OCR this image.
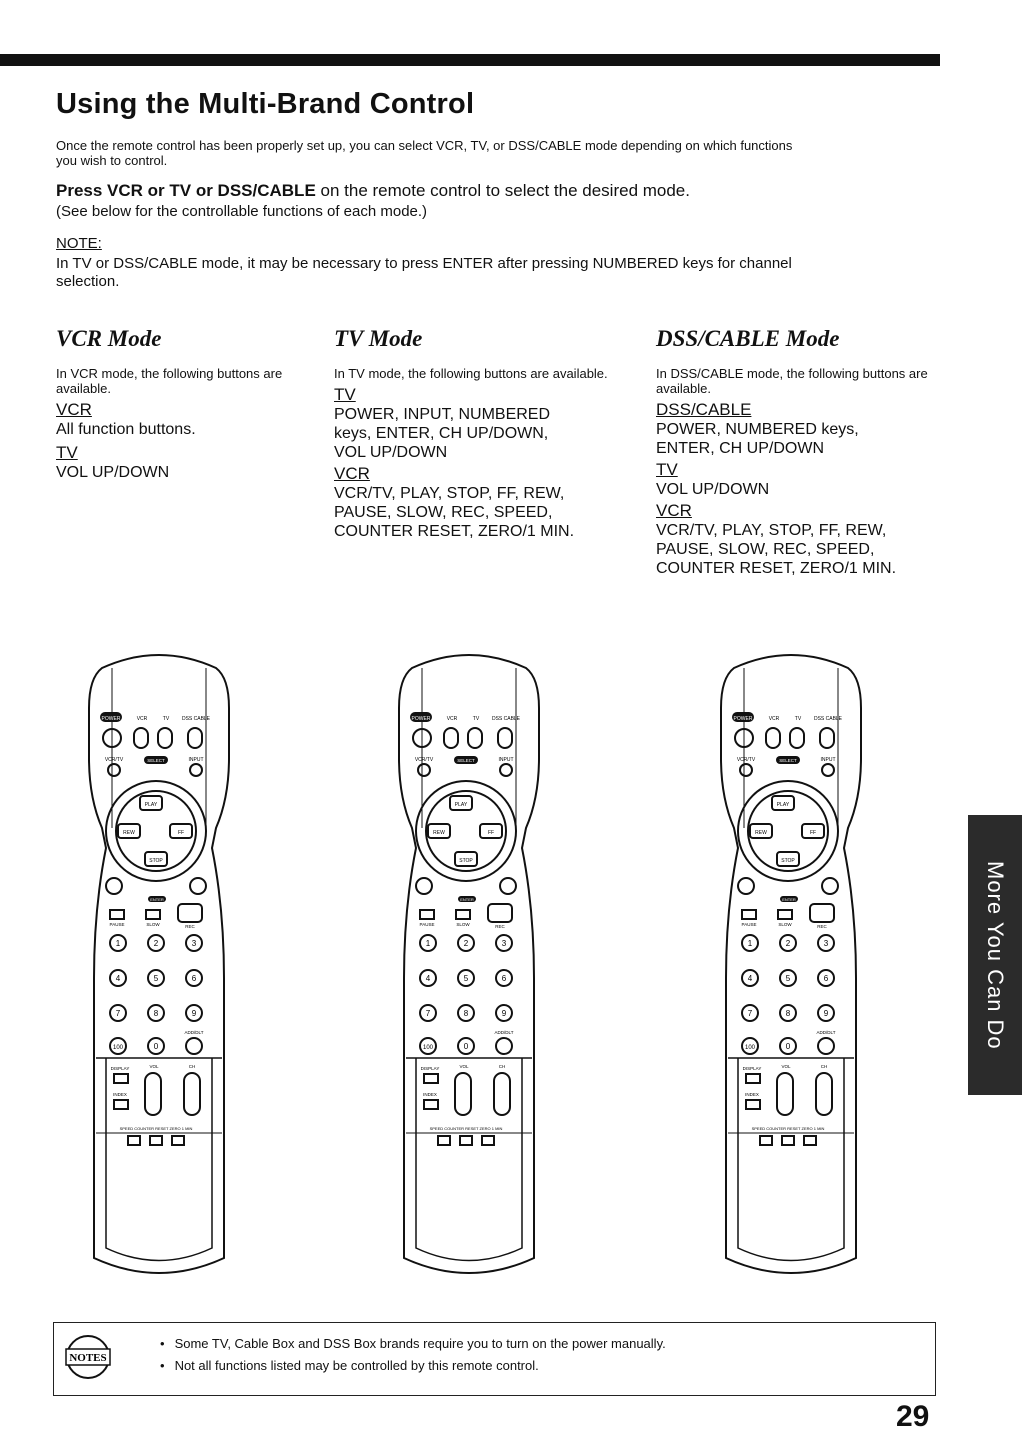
Using the Multi-Brand Control
Once the remote control has been properly set up, you can select VCR, TV, or DSS/CABLE mode depending on which functions you wish to control.
Press VCR or TV or DSS/CABLE on the remote control to select the desired mode.
(See below for the controllable functions of each mode.)
NOTE:
In TV or DSS/CABLE mode, it may be necessary to press ENTER after pressing NUMBERED keys for channel selection.
VCR Mode
In VCR mode, the following buttons are available.
VCR
All function buttons.
TV
VOL UP/DOWN
TV Mode
In TV mode, the following buttons are available.
TV
POWER, INPUT, NUMBERED keys, ENTER, CH UP/DOWN, VOL UP/DOWN
VCR
VCR/TV, PLAY, STOP, FF, REW, PAUSE, SLOW, REC, SPEED, COUNTER RESET, ZERO/1 MIN.
DSS/CABLE Mode
In DSS/CABLE mode, the following buttons are available.
DSS/CABLE
POWER, NUMBERED keys, ENTER, CH UP/DOWN
TV
VOL UP/DOWN
VCR
VCR/TV, PLAY, STOP, FF, REW, PAUSE, SLOW, REC, SPEED, COUNTER RESET, ZERO/1 MIN.
POWER	VCR	TV	DSS CABLE
VCR/TV	SELECT	INPUT
PLAY
REW	FF
STOP
ENTER
PAUSE	SLOW	REC
1	2	3
4	5	6
7	8	9
100	0
ADD/DLT
DISPLAY	VOL	CH
INDEX
SPEED COUNTER RESET ZERO 1 MIN
POWER	VCR	TV	DSS CABLE
VCR/TV	SELECT	INPUT
PLAY
REW	FF
STOP
ENTER
PAUSE	SLOW	REC
1	2	3
4	5	6
7	8	9
100	0
ADD/DLT
DISPLAY	VOL	CH
INDEX
SPEED COUNTER RESET ZERO 1 MIN
POWER	VCR	TV	DSS CABLE
VCR/TV	SELECT	INPUT
PLAY
REW	FF
STOP
ENTER
PAUSE	SLOW	REC
1	2	3
4	5	6
7	8	9
100	0
ADD/DLT
DISPLAY	VOL	CH
INDEX
SPEED COUNTER RESET ZERO 1 MIN
More You Can Do
NOTES
• Some TV, Cable Box and DSS Box brands require you to turn on the power manually.
• Not all functions listed may be controlled by this remote control.
29
